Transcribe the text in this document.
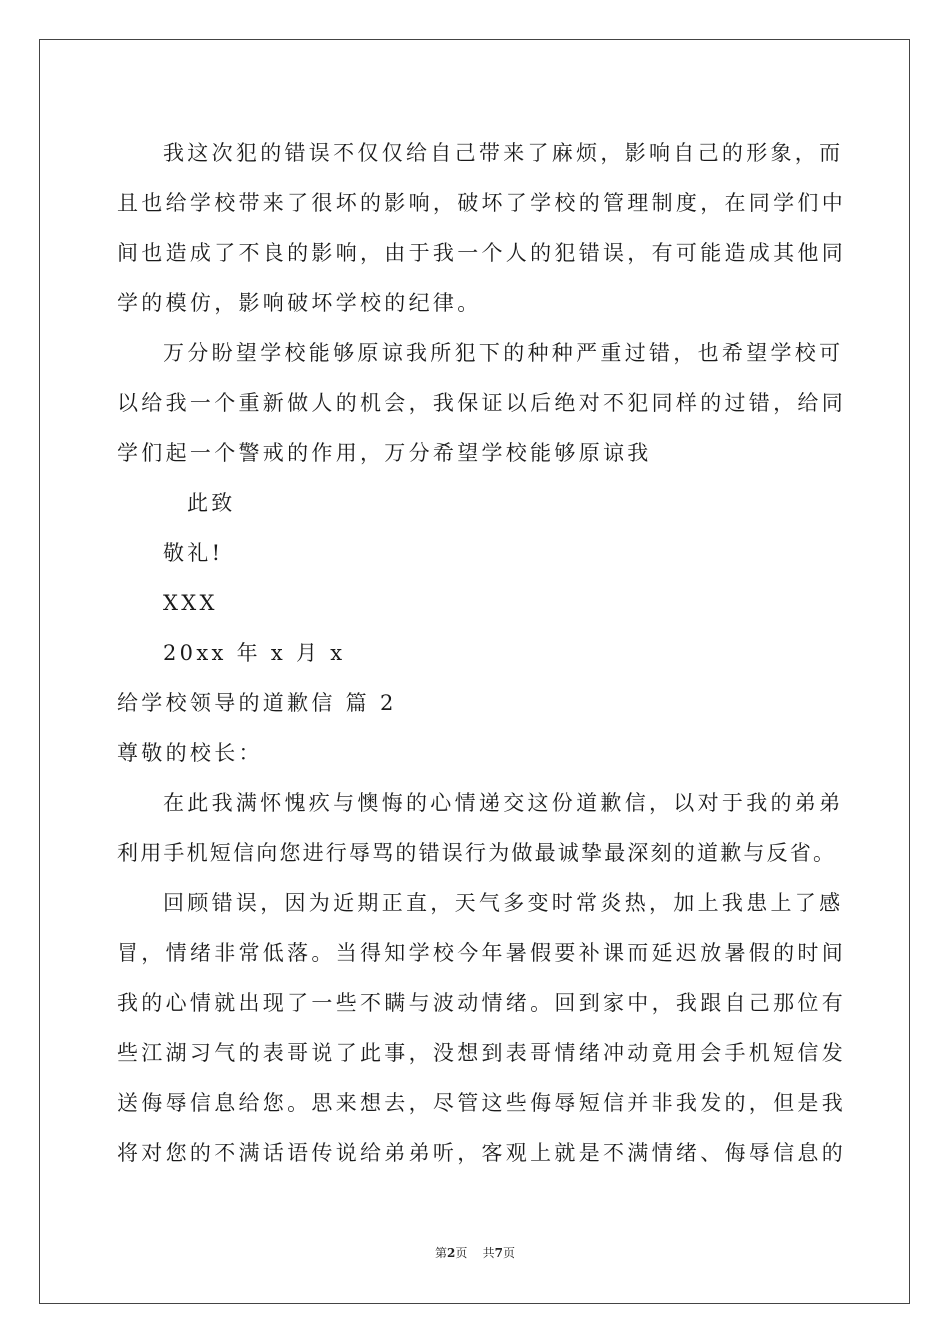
我这次犯的错误不仅仅给自己带来了麻烦，影响自己的形象，而
且也给学校带来了很坏的影响，破坏了学校的管理制度，在同学们中
间也造成了不良的影响，由于我一个人的犯错误，有可能造成其他同
学的模仿，影响破坏学校的纪律。
万分盼望学校能够原谅我所犯下的种种严重过错，也希望学校可
以给我一个重新做人的机会，我保证以后绝对不犯同样的过错，给同
学们起一个警戒的作用，万分希望学校能够原谅我
此致
敬礼!
XXX
20xx 年 x 月 x
给学校领导的道歉信 篇 2
尊敬的校长：
在此我满怀愧疚与懊悔的心情递交这份道歉信，以对于我的弟弟
利用手机短信向您进行辱骂的错误行为做最诚挚最深刻的道歉与反省。
回顾错误，因为近期正直，天气多变时常炎热，加上我患上了感
冒，情绪非常低落。当得知学校今年暑假要补课而延迟放暑假的时间
我的心情就出现了一些不瞒与波动情绪。回到家中，我跟自己那位有
些江湖习气的表哥说了此事，没想到表哥情绪冲动竟用会手机短信发
送侮辱信息给您。思来想去，尽管这些侮辱短信并非我发的，但是我
将对您的不满话语传说给弟弟听，客观上就是不满情绪、侮辱信息的
第2页    共7页
